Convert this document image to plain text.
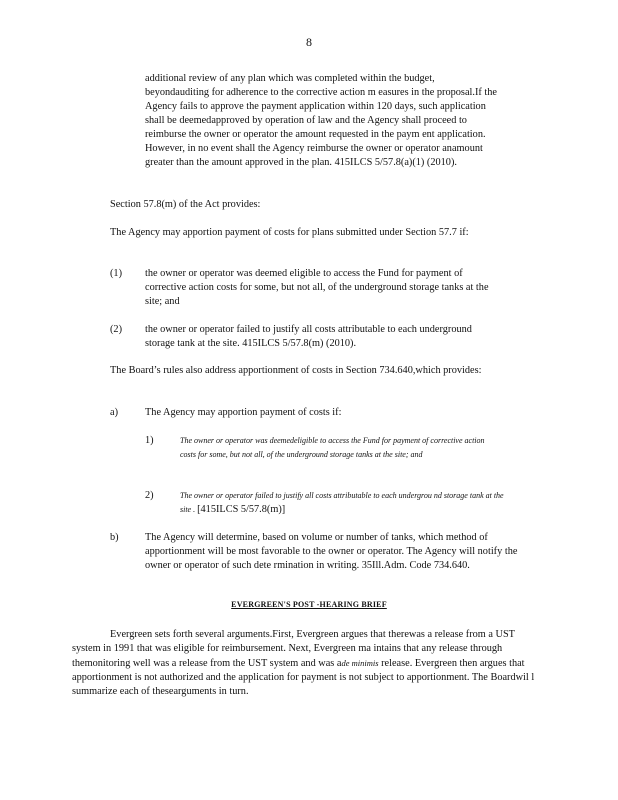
8

additional review of any plan which was completed within the budget, beyondauditing for adherence to the corrective action m easures in the proposal.If the Agency fails to approve the payment application within 120 days, such application shall be deemedapproved by operation of law and the Agency shall proceed to reimburse the owner or operator the amount requested in the paym ent application. However, in no event shall the Agency reimburse the owner or operator anamount greater than the amount approved in the plan. 415ILCS 5/57.8(a)(1) (2010).

Section 57.8(m) of the Act provides:

The Agency may apportion payment of costs for plans submitted under Section 57.7 if:

(1) the owner or operator was deemed eligible to access the Fund for payment of corrective action costs for some, but not all, of the underground storage tanks at the site; and
(2) the owner or operator failed to justify all costs attributable to each underground storage tank at the site. 415ILCS 5/57.8(m) (2010).

The Board’s rules also address apportionment of costs in Section 734.640,which provides:

a)	The Agency may apportion payment of costs if:
1)	The owner or operator was deemedeligible to access the Fund for payment of corrective action costs for some, but not all, of the underground storage tanks at the site; and
2)	The owner or operator failed to justify all costs attributable to each undergrou nd storage tank at the site . [415ILCS 5/57.8(m)]
b)	The Agency will determine, based on volume or number of tanks, which method of apportionment will be most favorable to the owner or operator. The Agency will notify the owner or operator of such dete rmination in writing. 35Ill.Adm. Code 734.640.
EVERGREEN'S POST -HEARING BRIEF

Evergreen sets forth several arguments.First, Evergreen argues that therewas a release from a UST system in 1991 that was eligible for reimbursement. Next, Evergreen ma intains that any release through themonitoring well was a release from the UST system and was ade minimis release. Evergreen then argues that apportionment is not authorized and the application for payment is not subject to apportionment. The Boardwil l summarize each of thesearguments in turn.
